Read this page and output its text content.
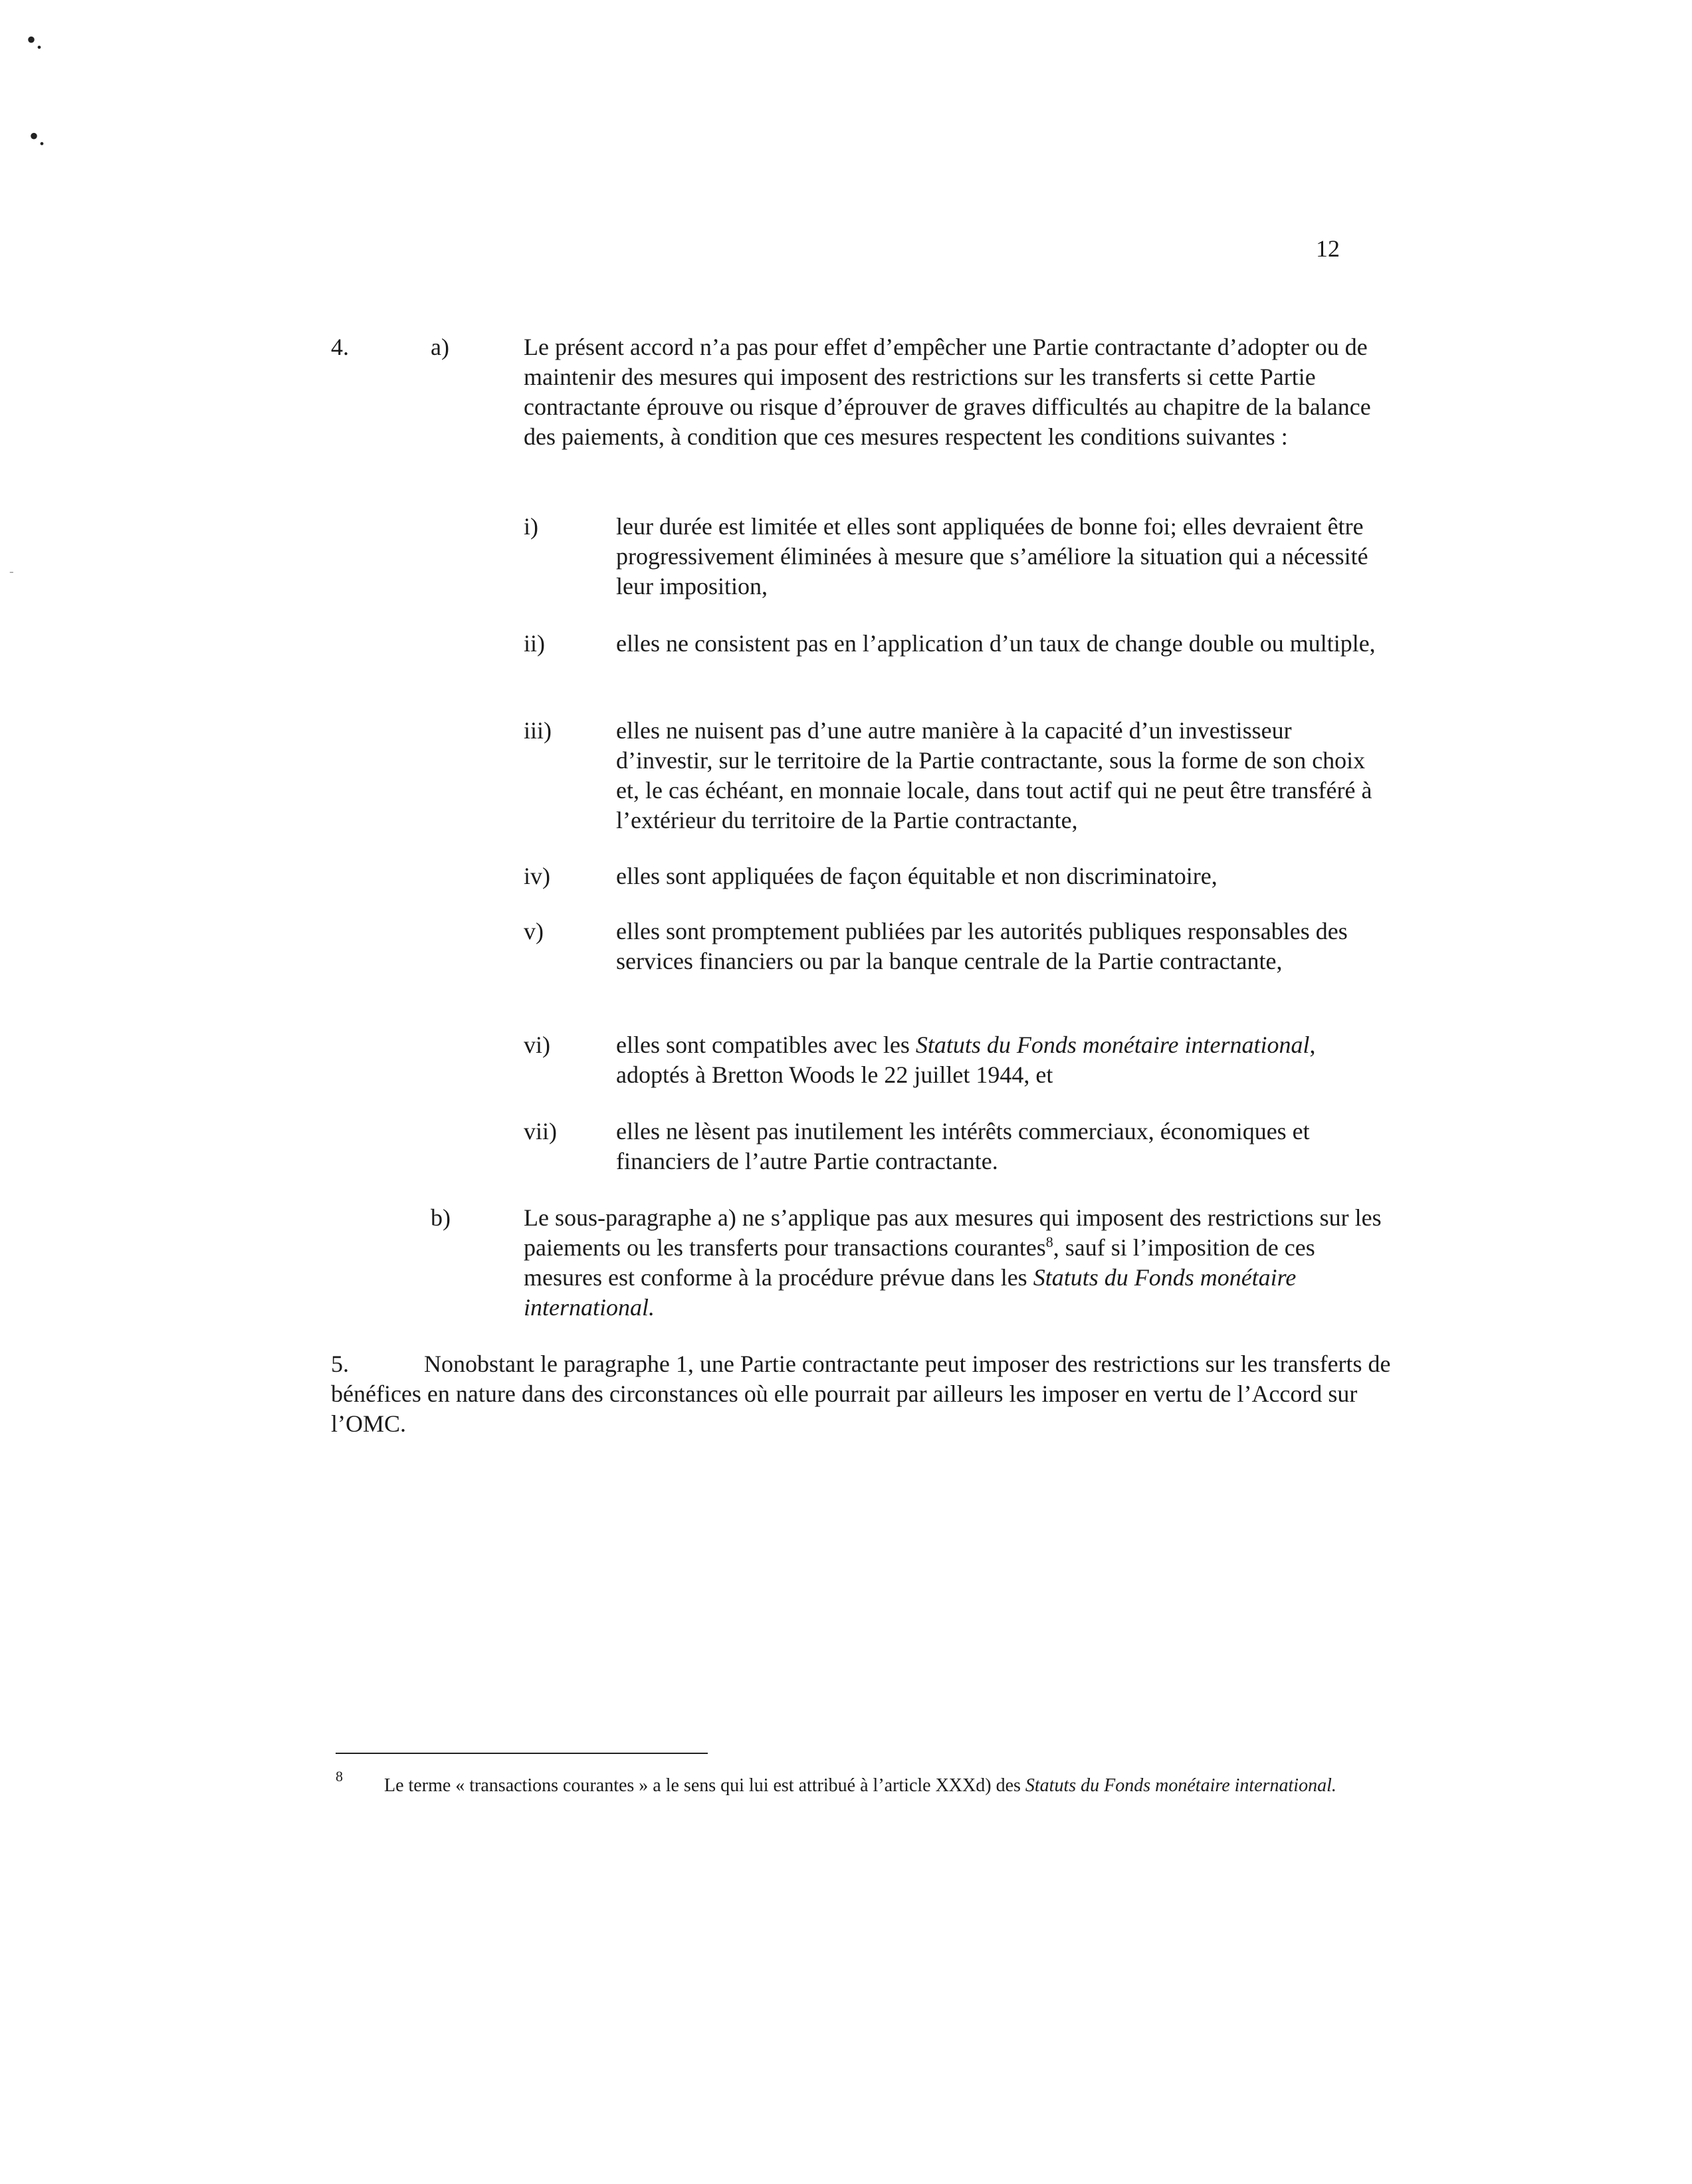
•.
•.
-
12
4.	a)	Le présent accord n’a pas pour effet d’empêcher une Partie contractante d’adopter ou de maintenir des mesures qui imposent des restrictions sur les transferts si cette Partie contractante éprouve ou risque d’éprouver de graves difficultés au chapitre de la balance des paiements, à condition que ces mesures respectent les conditions suivantes :
i)	leur durée est limitée et elles sont appliquées de bonne foi; elles devraient être progressivement éliminées à mesure que s’améliore la situation qui a nécessité leur imposition,
ii)	elles ne consistent pas en l’application d’un taux de change double ou multiple,
iii)	elles ne nuisent pas d’une autre manière à la capacité d’un investisseur d’investir, sur le territoire de la Partie contractante, sous la forme de son choix et, le cas échéant, en monnaie locale, dans tout actif qui ne peut être transféré à l’extérieur du territoire de la Partie contractante,
iv)	elles sont appliquées de façon équitable et non discriminatoire,
v)	elles sont promptement publiées par les autorités publiques responsables des services financiers ou par la banque centrale de la Partie contractante,
vi)	elles sont compatibles avec les Statuts du Fonds monétaire international, adoptés à Bretton Woods le 22 juillet 1944, et
vii)	elles ne lèsent pas inutilement les intérêts commerciaux, économiques et financiers de l’autre Partie contractante.
b)	Le sous-paragraphe a) ne s’applique pas aux mesures qui imposent des restrictions sur les paiements ou les transferts pour transactions courantes$^8$, sauf si l’imposition de ces mesures est conforme à la procédure prévue dans les Statuts du Fonds monétaire international.
5.	Nonobstant le paragraphe 1, une Partie contractante peut imposer des restrictions sur les transferts de bénéfices en nature dans des circonstances où elle pourrait par ailleurs les imposer en vertu de l’Accord sur l’OMC.
8 Le terme « transactions courantes » a le sens qui lui est attribué à l’article XXXd) des Statuts du Fonds monétaire international.
